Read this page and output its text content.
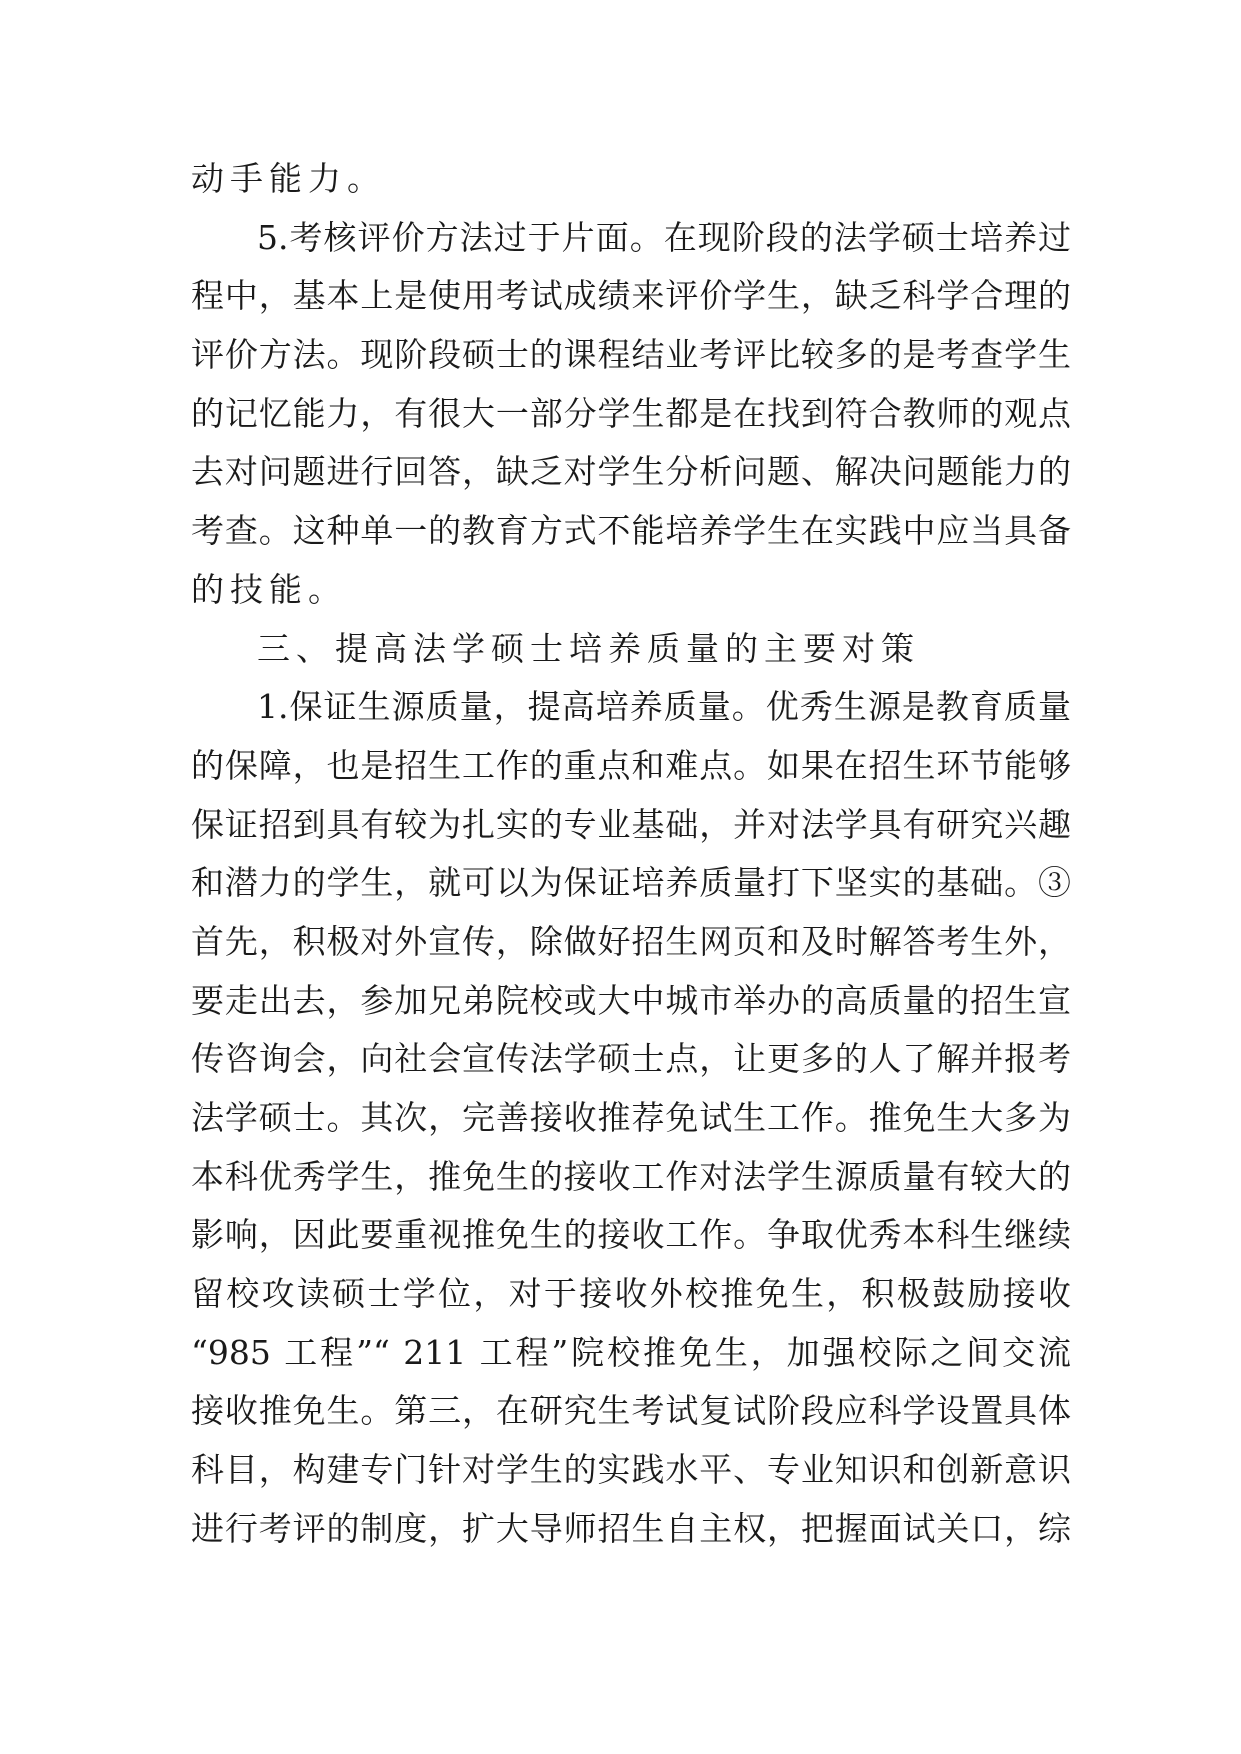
动手能力。
5.考核评价方法过于片面。在现阶段的法学硕士培养过
程中，基本上是使用考试成绩来评价学生，缺乏科学合理的
评价方法。现阶段硕士的课程结业考评比较多的是考查学生
的记忆能力，有很大一部分学生都是在找到符合教师的观点
去对问题进行回答，缺乏对学生分析问题、解决问题能力的
考查。这种单一的教育方式不能培养学生在实践中应当具备
的技能。
三、提高法学硕士培养质量的主要对策
1.保证生源质量，提高培养质量。优秀生源是教育质量
的保障，也是招生工作的重点和难点。如果在招生环节能够
保证招到具有较为扎实的专业基础，并对法学具有研究兴趣
和潜力的学生，就可以为保证培养质量打下坚实的基础。③
首先，积极对外宣传，除做好招生网页和及时解答考生外，
要走出去，参加兄弟院校或大中城市举办的高质量的招生宣
传咨询会，向社会宣传法学硕士点，让更多的人了解并报考
法学硕士。其次，完善接收推荐免试生工作。推免生大多为
本科优秀学生，推免生的接收工作对法学生源质量有较大的
影响，因此要重视推免生的接收工作。争取优秀本科生继续
留校攻读硕士学位，对于接收外校推免生，积极鼓励接收
“985 工程”“ 211 工程”院校推免生，加强校际之间交流
接收推免生。第三，在研究生考试复试阶段应科学设置具体
科目，构建专门针对学生的实践水平、专业知识和创新意识
进行考评的制度，扩大导师招生自主权，把握面试关口，综
